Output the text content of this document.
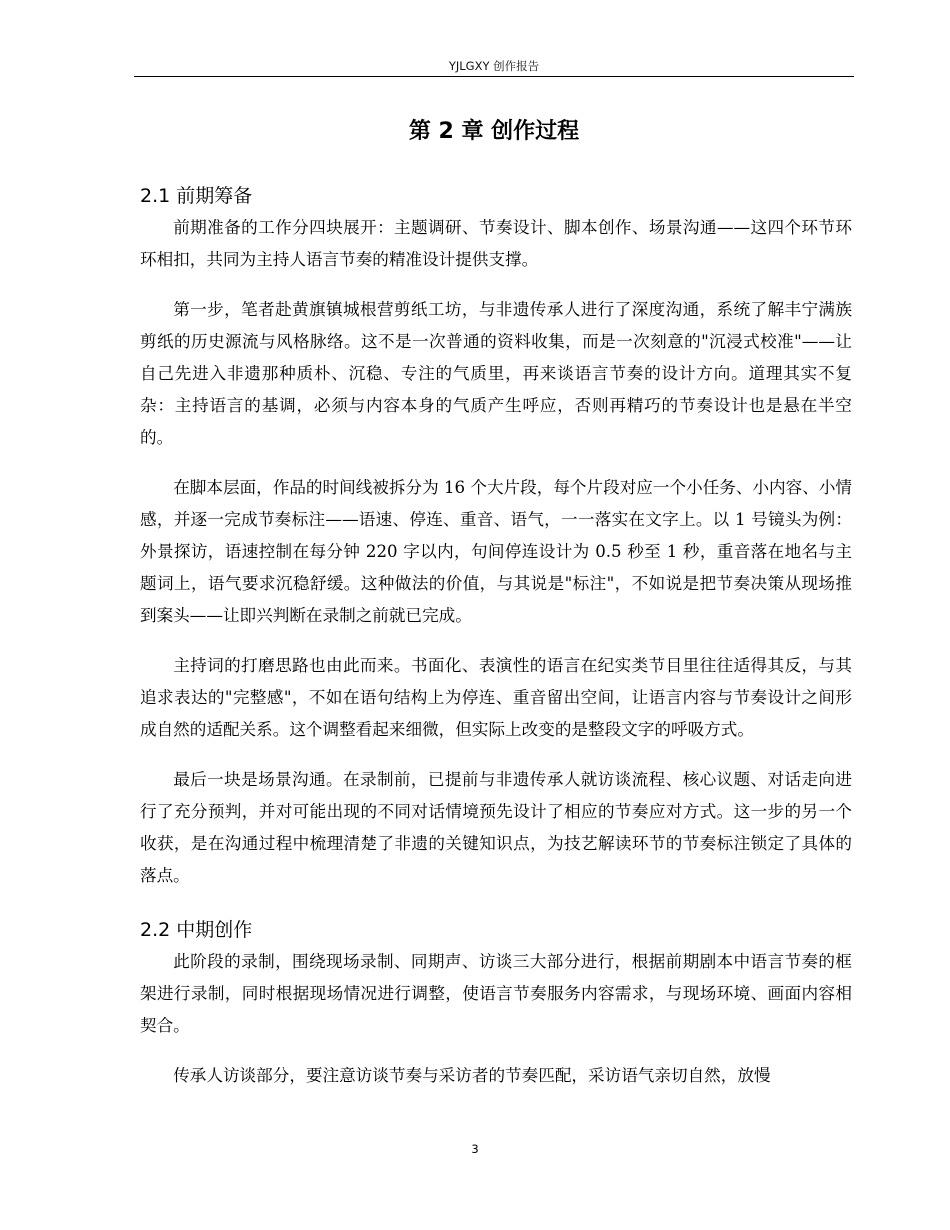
YJLGXY 创作报告
第 2 章 创作过程
2.1 前期筹备

前期准备的工作分四块展开：主题调研、节奏设计、脚本创作、场景沟通——这四个环节环环相扣，共同为主持人语言节奏的精准设计提供支撑。

第一步，笔者赴黄旗镇城根营剪纸工坊，与非遗传承人进行了深度沟通，系统了解丰宁满族剪纸的历史源流与风格脉络。这不是一次普通的资料收集，而是一次刻意的"沉浸式校准"——让自己先进入非遗那种质朴、沉稳、专注的气质里，再来谈语言节奏的设计方向。道理其实不复杂：主持语言的基调，必须与内容本身的气质产生呼应，否则再精巧的节奏设计也是悬在半空的。

在脚本层面，作品的时间线被拆分为 16 个大片段，每个片段对应一个小任务、小内容、小情感，并逐一完成节奏标注——语速、停连、重音、语气，一一落实在文字上。以 1 号镜头为例：外景探访，语速控制在每分钟 220 字以内，句间停连设计为 0.5 秒至 1 秒，重音落在地名与主题词上，语气要求沉稳舒缓。这种做法的价值，与其说是"标注"，不如说是把节奏决策从现场推到案头——让即兴判断在录制之前就已完成。

主持词的打磨思路也由此而来。书面化、表演性的语言在纪实类节目里往往适得其反，与其追求表达的"完整感"，不如在语句结构上为停连、重音留出空间，让语言内容与节奏设计之间形成自然的适配关系。这个调整看起来细微，但实际上改变的是整段文字的呼吸方式。

最后一块是场景沟通。在录制前，已提前与非遗传承人就访谈流程、核心议题、对话走向进行了充分预判，并对可能出现的不同对话情境预先设计了相应的节奏应对方式。这一步的另一个收获，是在沟通过程中梳理清楚了非遗的关键知识点，为技艺解读环节的节奏标注锁定了具体的落点。

2.2 中期创作

此阶段的录制，围绕现场录制、同期声、访谈三大部分进行，根据前期剧本中语言节奏的框架进行录制，同时根据现场情况进行调整，使语言节奏服务内容需求，与现场环境、画面内容相契合。

传承人访谈部分，要注意访谈节奏与采访者的节奏匹配，采访语气亲切自然，放慢

3
